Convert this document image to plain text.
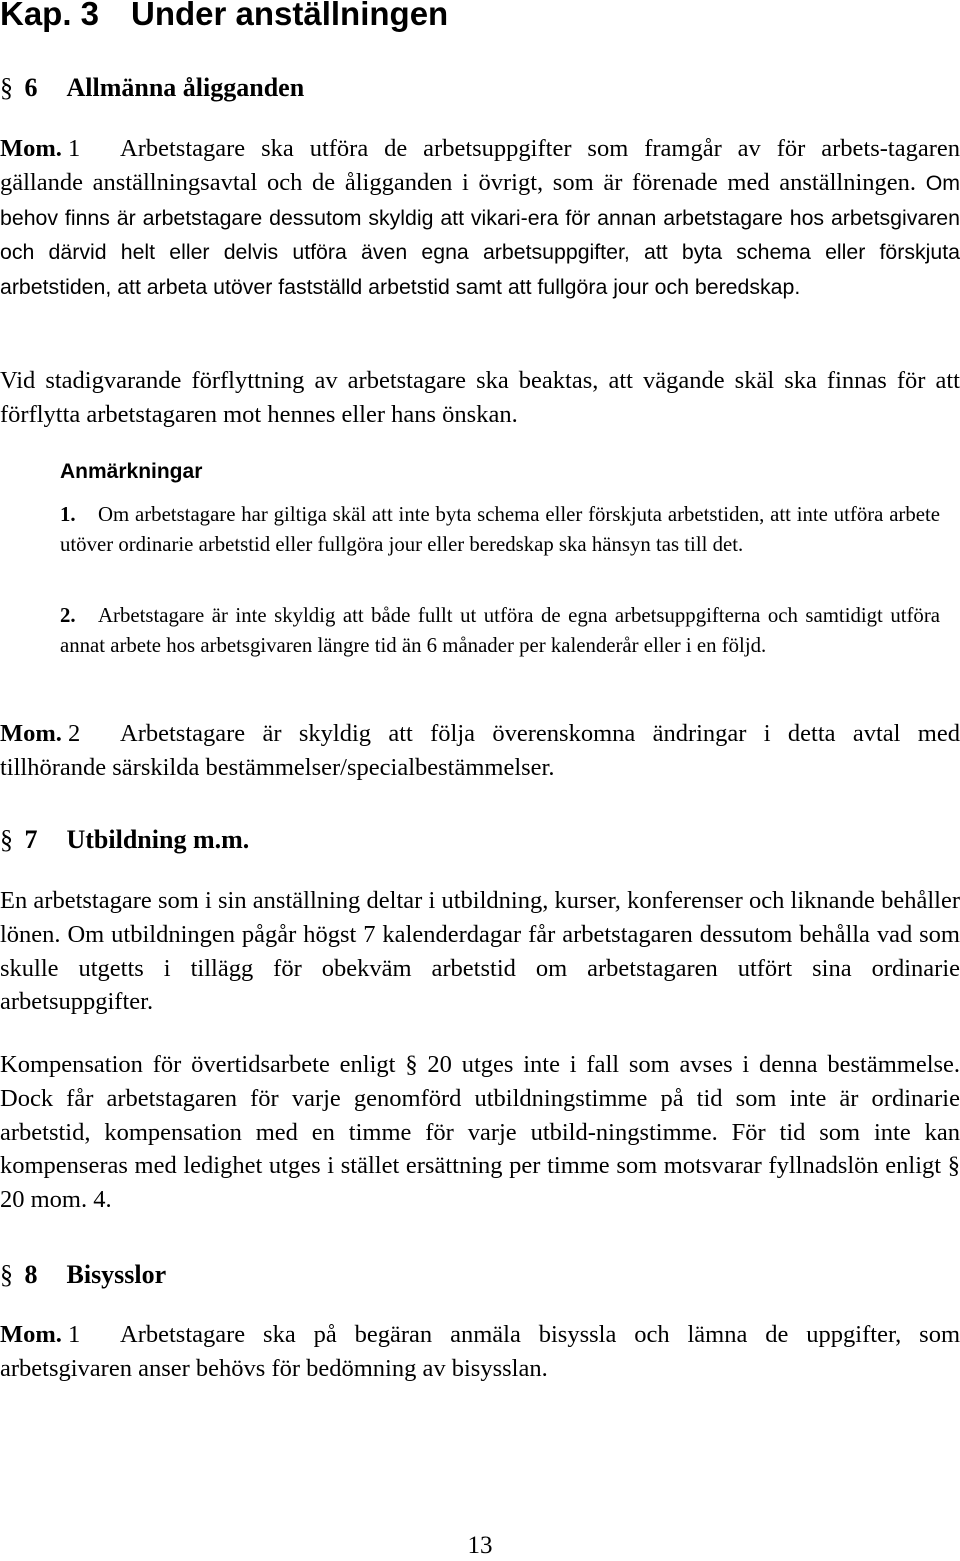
Kap. 3 Under anställningen
§ 6 Allmänna åligganden

Mom. 1 Arbetstagare ska utföra de arbetsuppgifter som framgår av för arbets-tagaren gällande anställningsavtal och de åligganden i övrigt, som är förenade med anställningen. Om behov finns är arbetstagare dessutom skyldig att vikari-era för annan arbetstagare hos arbetsgivaren och därvid helt eller delvis utföra även egna arbetsuppgifter, att byta schema eller förskjuta arbetstiden, att arbeta utöver fastställd arbetstid samt att fullgöra jour och beredskap.

Vid stadigvarande förflyttning av arbetstagare ska beaktas, att vägande skäl ska finnas för att förflytta arbetstagaren mot hennes eller hans önskan.

Anmärkningar

1. Om arbetstagare har giltiga skäl att inte byta schema eller förskjuta arbetstiden, att inte utföra arbete utöver ordinarie arbetstid eller fullgöra jour eller beredskap ska hänsyn tas till det.

2. Arbetstagare är inte skyldig att både fullt ut utföra de egna arbetsuppgifterna och samtidigt utföra annat arbete hos arbetsgivaren längre tid än 6 månader per kalenderår eller i en följd.

Mom. 2 Arbetstagare är skyldig att följa överenskomna ändringar i detta avtal med tillhörande särskilda bestämmelser/specialbestämmelser.

§ 7 Utbildning m.m.

En arbetstagare som i sin anställning deltar i utbildning, kurser, konferenser och liknande behåller lönen. Om utbildningen pågår högst 7 kalenderdagar får arbetstagaren dessutom behålla vad som skulle utgetts i tillägg för obekväm arbetstid om arbetstagaren utfört sina ordinarie arbetsuppgifter.

Kompensation för övertidsarbete enligt § 20 utges inte i fall som avses i denna bestämmelse. Dock får arbetstagaren för varje genomförd utbildningstimme på tid som inte är ordinarie arbetstid, kompensation med en timme för varje utbild-ningstimme. För tid som inte kan kompenseras med ledighet utges i stället ersättning per timme som motsvarar fyllnadslön enligt § 20 mom. 4.

§ 8 Bisysslor

Mom. 1 Arbetstagare ska på begäran anmäla bisyssla och lämna de uppgifter, som arbetsgivaren anser behövs för bedömning av bisysslan.

13
